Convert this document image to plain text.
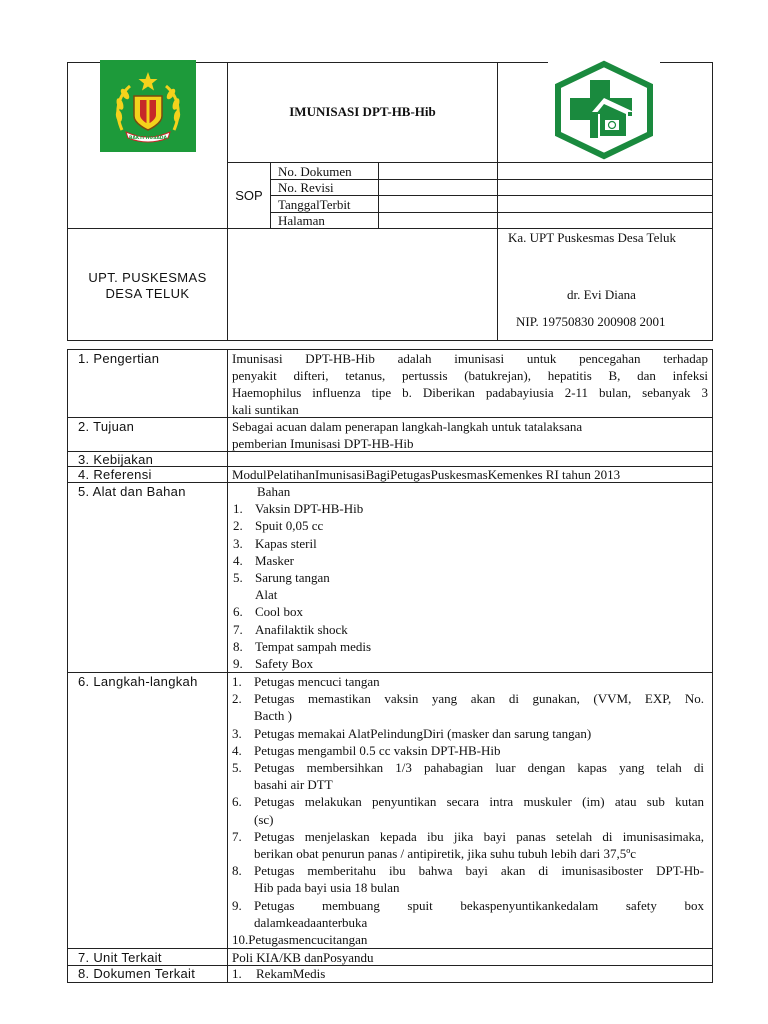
BAKTI HUSADA
IMUNISASI DPT-HB-Hib
SOP
No. Dokumen
No. Revisi
TanggalTerbit
Halaman
UPT. PUSKESMAS
DESA TELUK
Ka. UPT Puskesmas Desa Teluk
dr. Evi Diana
NIP. 19750830 200908 2001
1. Pengertian	Imunisasi DPT-HB-Hib adalah imunisasi untuk pencegahan terhadap
penyakit difteri, tetanus, pertussis (batukrejan), hepatitis B, dan infeksi
Haemophilus influenza tipe b. Diberikan padabayiusia 2-11 bulan, sebanyak 3
kali suntikan
2. Tujuan	Sebagai acuan dalam penerapan langkah-langkah untuk tatalaksana
pemberian Imunisasi DPT-HB-Hib
3. Kebijakan
4. Referensi	ModulPelatihanImunisasiBagiPetugasPuskesmasKemenkes RI tahun 2013
5. Alat dan Bahan	Bahan
1. Vaksin DPT-HB-Hib
2. Spuit 0,05 cc
3. Kapas steril
4. Masker
5. Sarung tangan
Alat
6. Cool box
7. Anafilaktik shock
8. Tempat sampah medis
9. Safety Box
6. Langkah-langkah	1. Petugas mencuci tangan
2. Petugas memastikan vaksin yang akan di gunakan, (VVM, EXP, No.
Bacth )
3. Petugas memakai AlatPelindungDiri (masker dan sarung tangan)
4. Petugas mengambil 0.5 cc vaksin DPT-HB-Hib
5. Petugas membersihkan 1/3 pahabagian luar dengan kapas yang telah di
basahi air DTT
6. Petugas melakukan penyuntikan secara intra muskuler (im) atau sub kutan
(sc)
7. Petugas menjelaskan kepada ibu jika bayi panas setelah di imunisasimaka,
berikan obat penurun panas / antipiretik, jika suhu tubuh lebih dari 37,5ºc
8. Petugas memberitahu ibu bahwa bayi akan di imunisasiboster DPT-Hb-
Hib pada bayi usia 18 bulan
9. Petugas membuang spuit bekaspenyuntikankedalam safety box
dalamkeadaanterbuka
10. Petugasmencucitangan
7. Unit Terkait	Poli KIA/KB danPosyandu
8. Dokumen Terkait	1. RekamMedis
